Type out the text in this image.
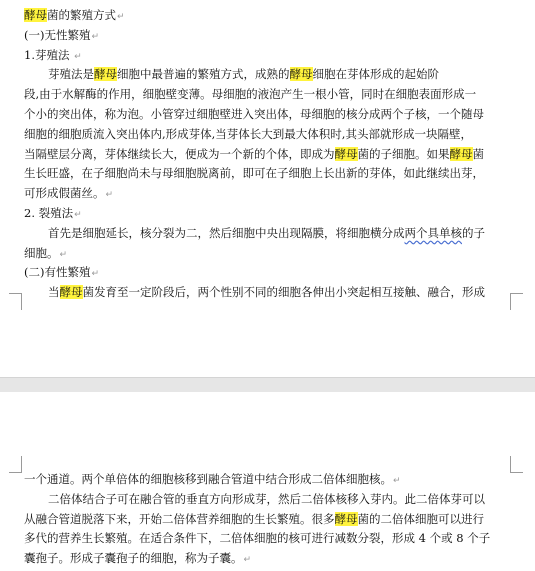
酵母菌的繁殖方式↵
(一)无性繁殖↵
1.芽殖法 ↵
芽殖法是酵母细胞中最普遍的繁殖方式，成熟的酵母细胞在芽体形成的起始阶
段,由于水解酶的作用，细胞壁变薄。母细胞的液泡产生一根小管，同时在细胞表面形成一
个小的突出体，称为泡。小管穿过细胞壁进入突出体，母细胞的核分成两个子核，一个随母
细胞的细胞质流入突出体内,形成芽体,当芽体长大到最大体积时,其头部就形成一块隔壁，
当隔壁层分离，芽体继续长大，便成为一个新的个体，即成为酵母菌的子细胞。如果酵母菌
生长旺盛，在子细胞尚未与母细胞脱离前，即可在子细胞上长出新的芽体，如此继续出芽，
可形成假菌丝。↵
2. 裂殖法↵
首先是细胞延长，核分裂为二，然后细胞中央出现隔膜，将细胞横分成两个具单核的子
细胞。↵
(二)有性繁殖↵
当酵母菌发育至一定阶段后，两个性别不同的细胞各伸出小突起相互接触、融合，形成
一个通道。两个单倍体的细胞核移到融合管道中结合形成二倍体细胞核。↵
二倍体结合子可在融合管的垂直方向形成芽，然后二倍体核移入芽内。此二倍体芽可以
从融合管道脱落下来，开始二倍体营养细胞的生长繁殖。很多酵母菌的二倍体细胞可以进行
多代的营养生长繁殖。在适合条件下，二倍体细胞的核可进行减数分裂，形成 4 个或 8 个子
囊孢子。形成子囊孢子的细胞，称为子囊。↵
